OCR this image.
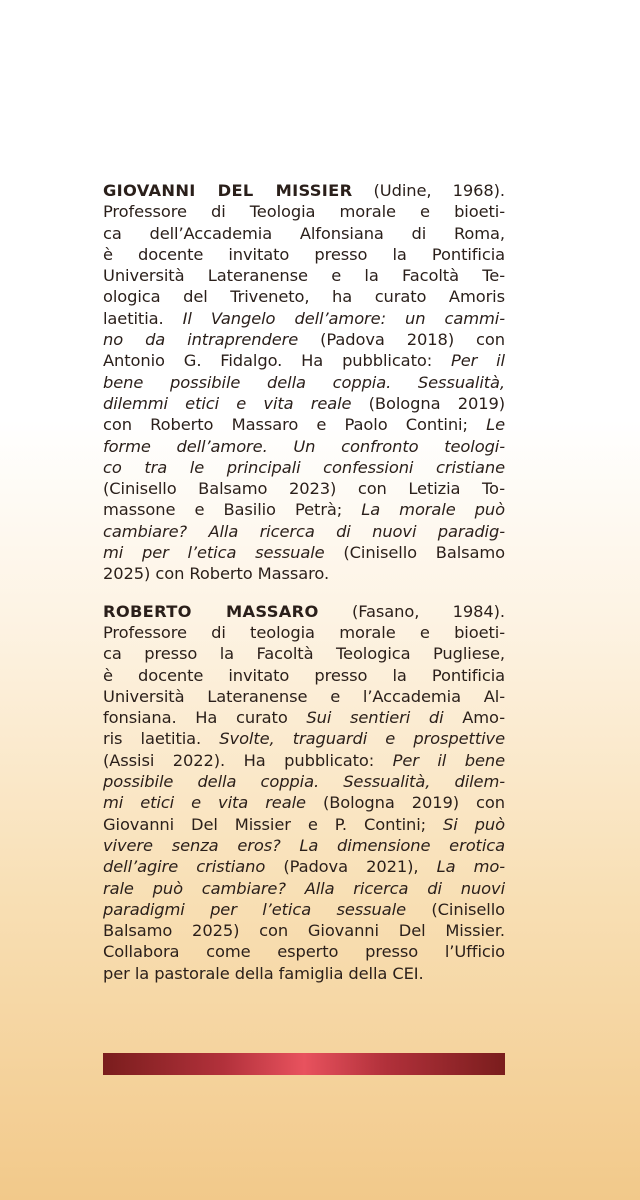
GIOVANNI DEL MISSIER (Udine, 1968).
Professore di Teologia morale e bioeti-
ca dell’Accademia Alfonsiana di Roma,
è docente invitato presso la Pontificia
Università Lateranense e la Facoltà Te-
ologica del Triveneto, ha curato Amoris
laetitia. Il Vangelo dell’amore: un cammi-
no da intraprendere (Padova 2018) con
Antonio G. Fidalgo. Ha pubblicato: Per il
bene possibile della coppia. Sessualità,
dilemmi etici e vita reale (Bologna 2019)
con Roberto Massaro e Paolo Contini; Le
forme dell’amore. Un confronto teologi-
co tra le principali confessioni cristiane
(Cinisello Balsamo 2023) con Letizia To-
massone e Basilio Petrà; La morale può
cambiare? Alla ricerca di nuovi paradig-
mi per l’etica sessuale (Cinisello Balsamo
2025) con Roberto Massaro.

ROBERTO MASSARO (Fasano, 1984).
Professore di teologia morale e bioeti-
ca presso la Facoltà Teologica Pugliese,
è docente invitato presso la Pontificia
Università Lateranense e l’Accademia Al-
fonsiana. Ha curato Sui sentieri di Amo-
ris laetitia. Svolte, traguardi e prospettive
(Assisi 2022). Ha pubblicato: Per il bene
possibile della coppia. Sessualità, dilem-
mi etici e vita reale (Bologna 2019) con
Giovanni Del Missier e P. Contini; Si può
vivere senza eros? La dimensione erotica
dell’agire cristiano (Padova 2021), La mo-
rale può cambiare? Alla ricerca di nuovi
paradigmi per l’etica sessuale (Cinisello
Balsamo 2025) con Giovanni Del Missier.
Collabora come esperto presso l’Ufficio
per la pastorale della famiglia della CEI.
